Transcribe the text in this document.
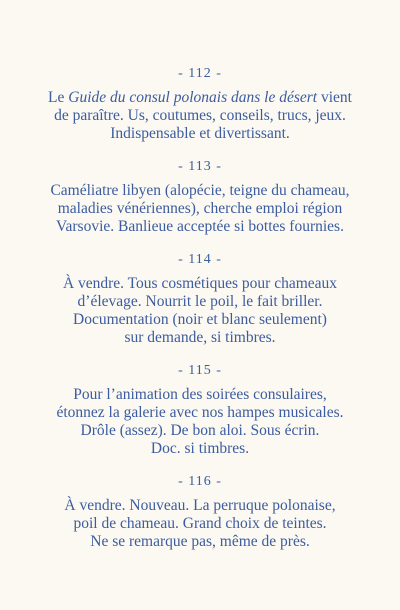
- 112 -
Le Guide du consul polonais dans le désert vient
de paraître. Us, coutumes, conseils, trucs, jeux.
Indispensable et divertissant.
- 113 -
Caméliatre libyen (alopécie, teigne du chameau,
maladies vénériennes), cherche emploi région
Varsovie. Banlieue acceptée si bottes fournies.
- 114 -
À vendre. Tous cosmétiques pour chameaux
d’élevage. Nourrit le poil, le fait briller.
Documentation (noir et blanc seulement)
sur demande, si timbres.
- 115 -
Pour l’animation des soirées consulaires,
étonnez la galerie avec nos hampes musicales.
Drôle (assez). De bon aloi. Sous écrin.
Doc. si timbres.
- 116 -
À vendre. Nouveau. La perruque polonaise,
poil de chameau. Grand choix de teintes.
Ne se remarque pas, même de près.
